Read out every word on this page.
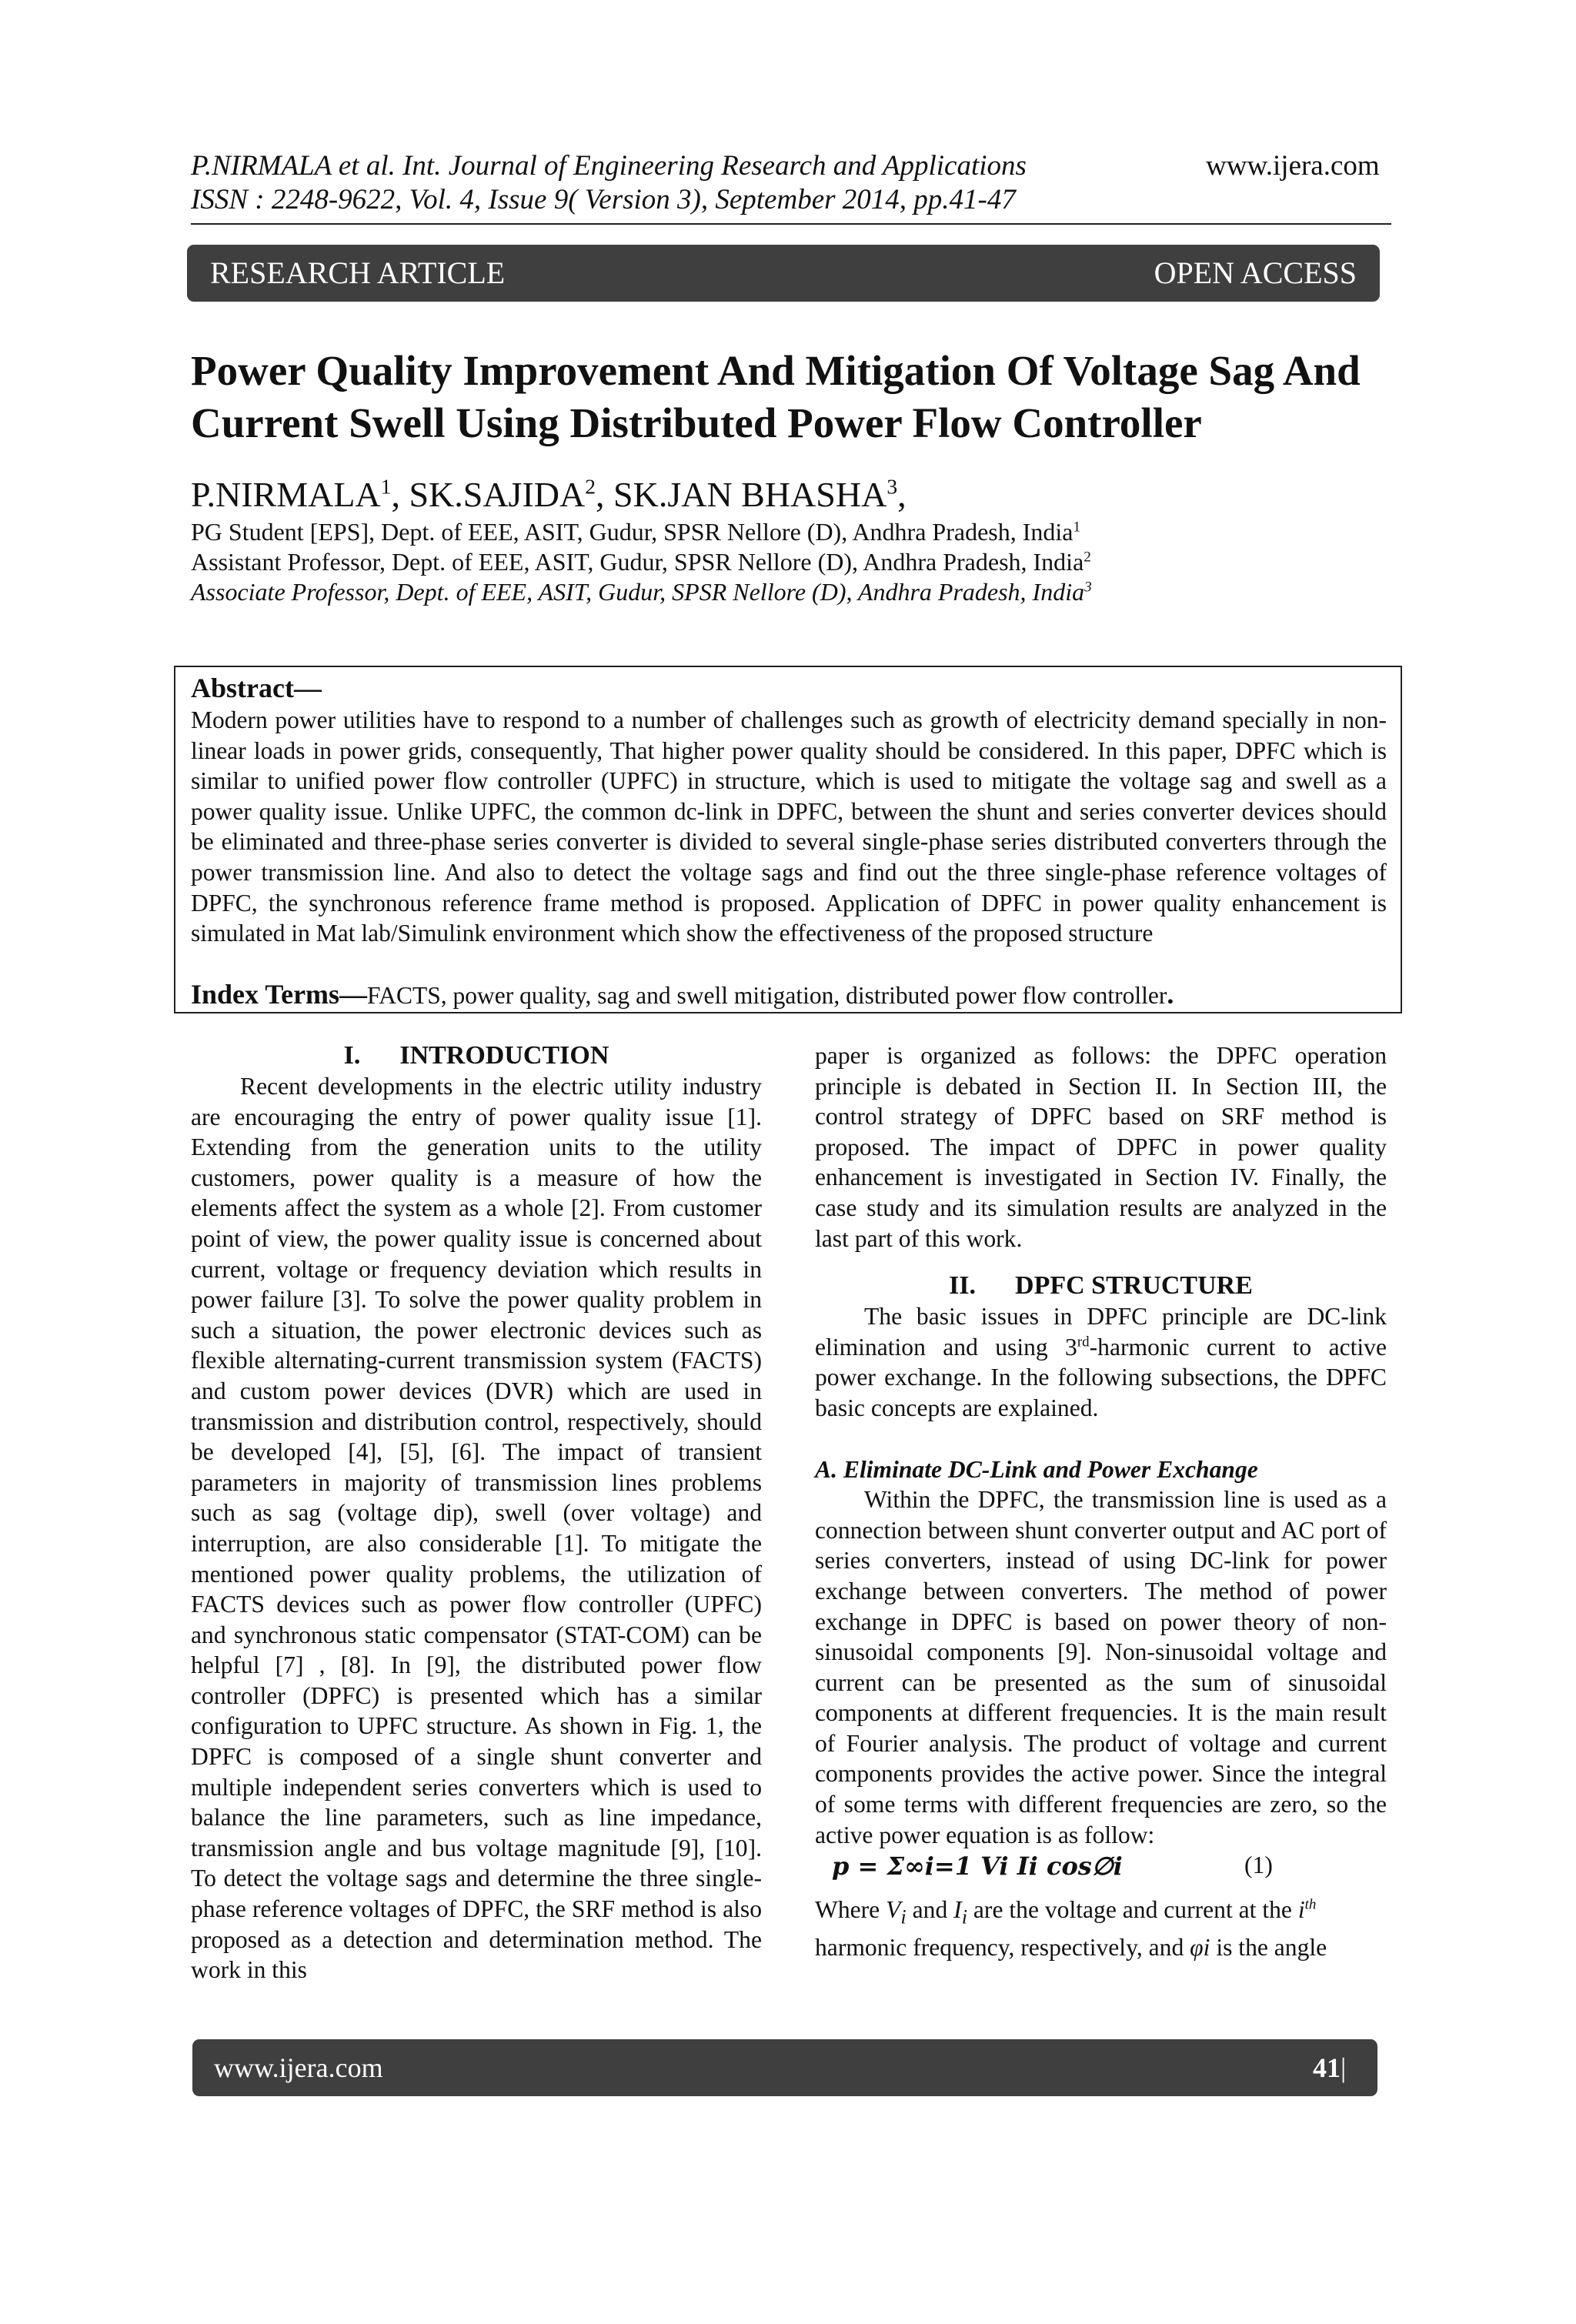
P.NIRMALA et al. Int. Journal of Engineering Research and Applications
ISSN : 2248-9622, Vol. 4, Issue 9( Version 3), September 2014, pp.41-47
www.ijera.com
RESEARCH ARTICLE	OPEN ACCESS
Power Quality Improvement And Mitigation Of Voltage Sag And
Current Swell Using Distributed Power Flow Controller
P.NIRMALA$^1$, SK.SAJIDA$^2$, SK.JAN BHASHA$^3$,
PG Student [EPS], Dept. of EEE, ASIT, Gudur, SPSR Nellore (D), Andhra Pradesh, India$^1$
Assistant Professor, Dept. of EEE, ASIT, Gudur, SPSR Nellore (D), Andhra Pradesh, India$^2$
Associate Professor, Dept. of EEE, ASIT, Gudur, SPSR Nellore (D), Andhra Pradesh, India$^3$
Abstract—
Modern power utilities have to respond to a number of challenges such as growth of electricity demand specially in non-linear loads in power grids, consequently, That higher power quality should be considered. In this paper, DPFC which is similar to unified power flow controller (UPFC) in structure, which is used to mitigate the voltage sag and swell as a power quality issue. Unlike UPFC, the common dc-link in DPFC, between the shunt and series converter devices should be eliminated and three-phase series converter is divided to several single-phase series distributed converters through the power transmission line. And also to detect the voltage sags and find out the three single-phase reference voltages of DPFC, the synchronous reference frame method is proposed. Application of DPFC in power quality enhancement is simulated in Mat lab/Simulink environment which show the effectiveness of the proposed structure
Index Terms—FACTS, power quality, sag and swell mitigation, distributed power flow controller.
I.      INTRODUCTION

Recent developments in the electric utility industry are encouraging the entry of power quality issue [1]. Extending from the generation units to the utility customers, power quality is a measure of how the elements affect the system as a whole [2]. From customer point of view, the power quality issue is concerned about current, voltage or frequency deviation which results in power failure [3]. To solve the power quality problem in such a situation, the power electronic devices such as flexible alternating-current transmission system (FACTS) and custom power devices (DVR) which are used in transmission and distribution control, respectively, should be developed [4], [5], [6]. The impact of transient parameters in majority of transmission lines problems such as sag (voltage dip), swell (over voltage) and interruption, are also considerable [1]. To mitigate the mentioned power quality problems, the utilization of FACTS devices such as power flow controller (UPFC) and synchronous static compensator (STAT-COM) can be helpful [7] , [8]. In [9], the distributed power flow controller (DPFC) is presented which has a similar configuration to UPFC structure. As shown in Fig. 1, the DPFC is composed of a single shunt converter and multiple independent series converters which is used to balance the line parameters, such as line impedance, transmission angle and bus voltage magnitude [9], [10]. To detect the voltage sags and determine the three single-phase reference voltages of DPFC, the SRF method is also proposed as a detection and determination method. The work in this

paper is organized as follows: the DPFC operation principle is debated in Section II. In Section III, the control strategy of DPFC based on SRF method is proposed. The impact of DPFC in power quality enhancement is investigated in Section IV. Finally, the case study and its simulation results are analyzed in the last part of this work.

II.      DPFC STRUCTURE

The basic issues in DPFC principle are DC-link elimination and using 3rd-harmonic current to active power exchange. In the following subsections, the DPFC basic concepts are explained.

A. Eliminate DC-Link and Power Exchange

Within the DPFC, the transmission line is used as a connection between shunt converter output and AC port of series converters, instead of using DC-link for power exchange between converters. The method of power exchange in DPFC is based on power theory of non-sinusoidal components [9]. Non-sinusoidal voltage and current can be presented as the sum of sinusoidal components at different frequencies. It is the main result of Fourier analysis. The product of voltage and current components provides the active power. Since the integral of some terms with different frequencies are zero, so the active power equation is as follow:

p = Σ∞i=1 Vi Ii cos∅i	(1)

Where $V_i$ and $I_i$ are the voltage and current at the $i^{th}$
harmonic frequency, respectively, and φi is the angle

www.ijera.com	41 | P a g e
